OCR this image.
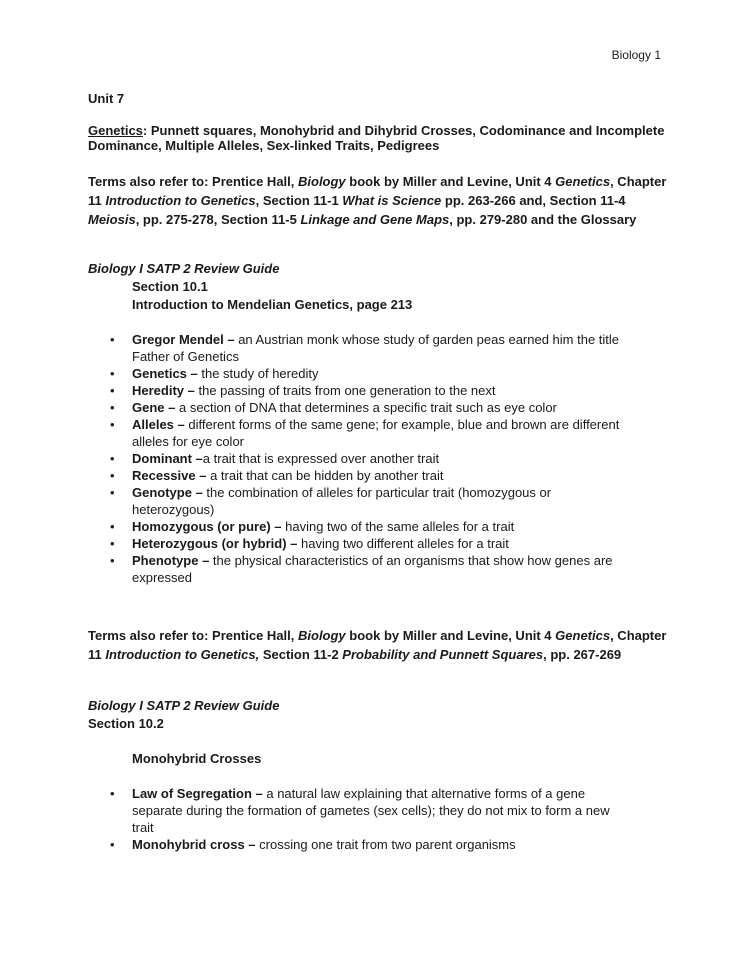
Biology 1
Unit 7
Genetics: Punnett squares, Monohybrid and Dihybrid Crosses, Codominance and Incomplete Dominance, Multiple Alleles, Sex-linked Traits, Pedigrees
Terms also refer to: Prentice Hall, Biology book by Miller and Levine, Unit 4 Genetics, Chapter 11 Introduction to Genetics, Section 11-1 What is Science pp. 263-266 and, Section 11-4 Meiosis, pp. 275-278, Section 11-5 Linkage and Gene Maps, pp. 279-280 and the Glossary
Biology I SATP 2 Review Guide
Section 10.1
Introduction to Mendelian Genetics, page 213
• Gregor Mendel – an Austrian monk whose study of garden peas earned him the title Father of Genetics
• Genetics – the study of heredity
• Heredity – the passing of traits from one generation to the next
• Gene – a section of DNA that determines a specific trait such as eye color
• Alleles – different forms of the same gene; for example, blue and brown are different alleles for eye color
• Dominant –a trait that is expressed over another trait
• Recessive – a trait that can be hidden by another trait
• Genotype – the combination of alleles for particular trait (homozygous or heterozygous)
• Homozygous (or pure) – having two of the same alleles for a trait
• Heterozygous (or hybrid) – having two different alleles for a trait
• Phenotype – the physical characteristics of an organisms that show how genes are expressed
Terms also refer to: Prentice Hall, Biology book by Miller and Levine, Unit 4 Genetics, Chapter 11 Introduction to Genetics, Section 11-2 Probability and Punnett Squares, pp. 267-269
Biology I SATP 2 Review Guide
Section 10.2
Monohybrid Crosses
• Law of Segregation – a natural law explaining that alternative forms of a gene separate during the formation of gametes (sex cells); they do not mix to form a new trait
• Monohybrid cross – crossing one trait from two parent organisms
